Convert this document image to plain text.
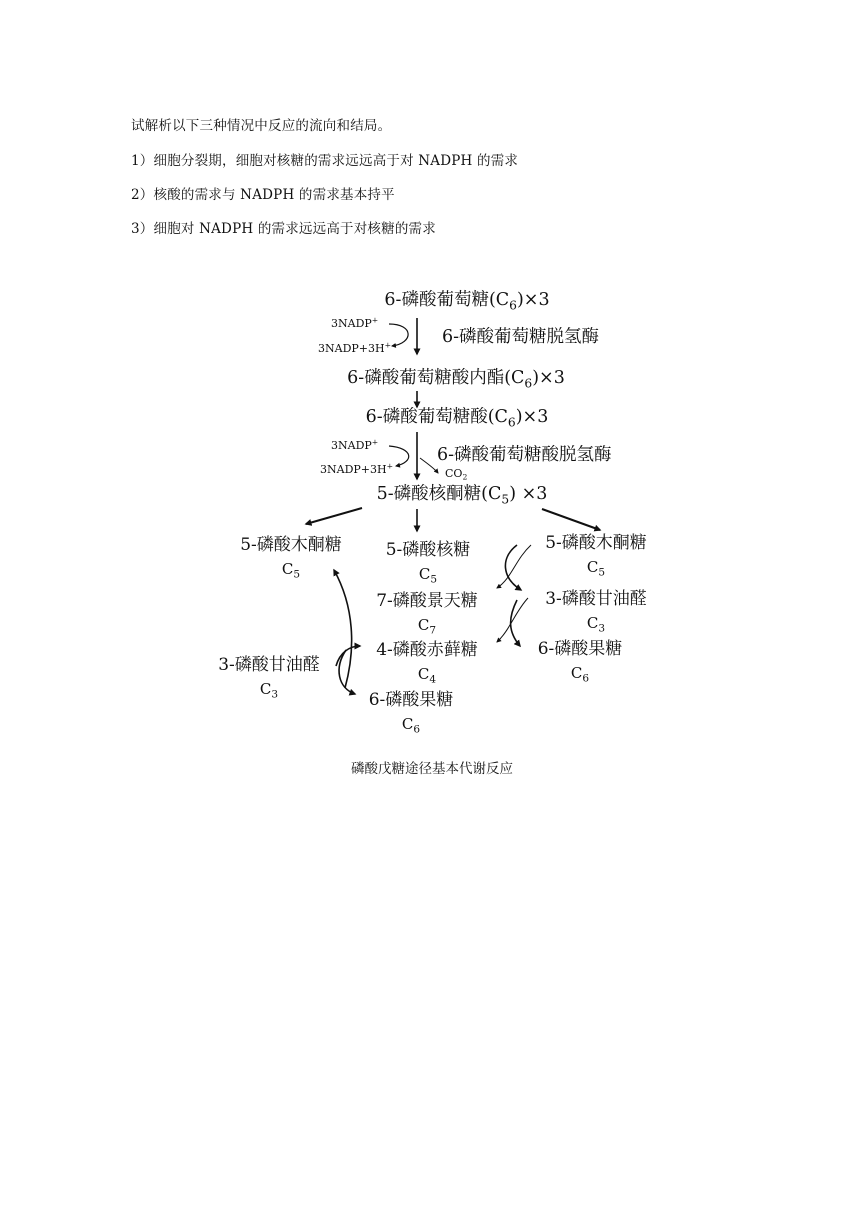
试解析以下三种情况中反应的流向和结局。
1）细胞分裂期，细胞对核糖的需求远远高于对 NADPH 的需求
2）核酸的需求与 NADPH 的需求基本持平
3）细胞对 NADPH 的需求远远高于对核糖的需求
6-磷酸葡萄糖$(C_6)\times 3$
3NADP+
3NADP+3H+	6-磷酸葡萄糖脱氢酶
6-磷酸葡萄糖酸内酯$(C_6)\times 3$
6-磷酸葡萄糖酸$(C_6)\times 3$
3NADP+
3NADP+3H+
$CO_2$
6-磷酸葡萄糖酸脱氢酶
5-磷酸核酮糖$(C_5) \times 3$
5-磷酸木酮糖
$C_5$
5-磷酸核糖
$C_5$
5-磷酸木酮糖
$C_5$
7-磷酸景天糖
$C_7$
3-磷酸甘油醛
$C_3$
4-磷酸赤藓糖
$C_4$
6-磷酸果糖
$C_6$
3-磷酸甘油醛
$C_3$	6-磷酸果糖
$C_6$
磷酸戊糖途径基本代谢反应
